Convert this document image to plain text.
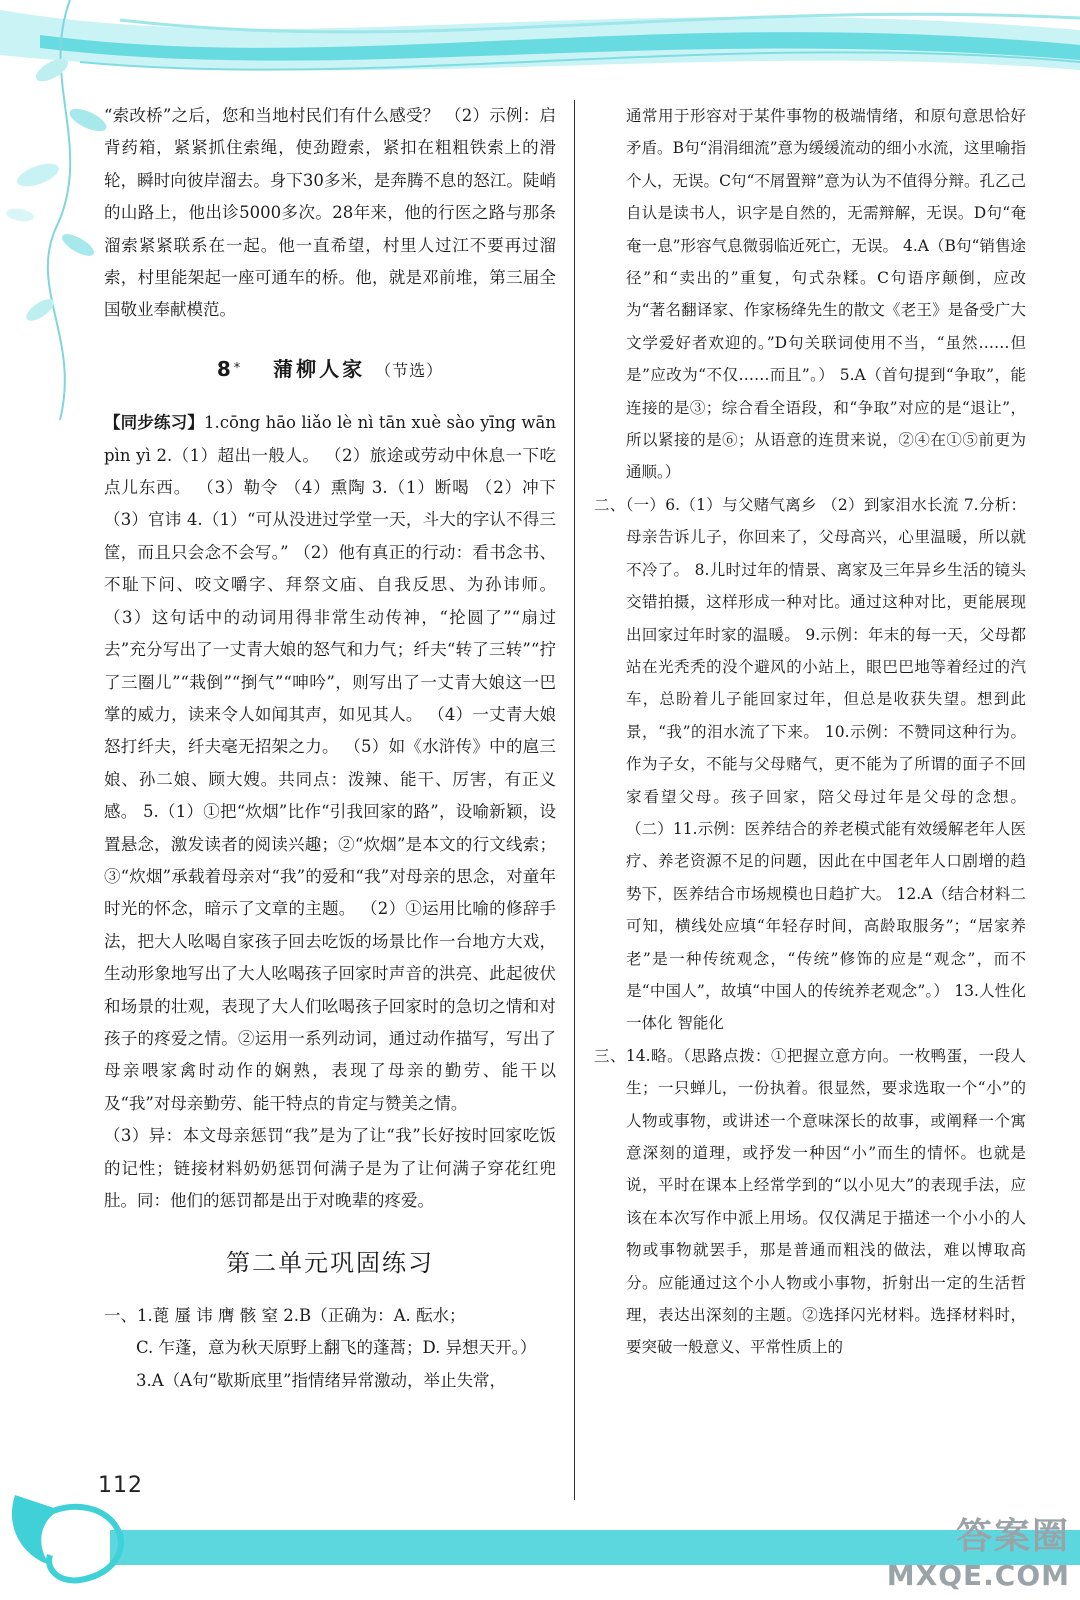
“索改桥”之后，您和当地村民们有什么感受？ （2）示例：启背药箱，紧紧抓住索绳，使劲蹬索，紧扣在粗粗铁索上的滑轮，瞬时向彼岸溜去。身下30多米，是奔腾不息的怒江。陡峭的山路上，他出诊5000多次。28年来，他的行医之路与那条溜索紧紧联系在一起。他一直希望，村里人过江不要再过溜索，村里能架起一座可通车的桥。他，就是邓前堆，第三届全国敬业奉献模范。

8* 蒲柳人家 （节选）

【同步练习】1.cōng hāo liǎo lè nì tān xuè sào yīng wān pìn yì 2.（1）超出一般人。 （2）旅途或劳动中休息一下吃点儿东西。 （3）勒令 （4）熏陶 3.（1）断喝 （2）冲下 （3）官讳 4.（1）“可从没进过学堂一天，斗大的字认不得三筐，而且只会念不会写。” （2）他有真正的行动：看书念书、不耻下问、咬文嚼字、拜祭文庙、自我反思、为孙讳师。 （3）这句话中的动词用得非常生动传神，“抡圆了”“扇过去”充分写出了一丈青大娘的怒气和力气；纤夫“转了三转”“拧了三圈儿”“栽倒”“捯气”“呻吟”，则写出了一丈青大娘这一巴掌的威力，读来令人如闻其声，如见其人。 （4）一丈青大娘怒打纤夫，纤夫毫无招架之力。 （5）如《水浒传》中的扈三娘、孙二娘、顾大嫂。共同点：泼辣、能干、厉害，有正义感。 5.（1）①把“炊烟”比作“引我回家的路”，设喻新颖，设置悬念，激发读者的阅读兴趣；②“炊烟”是本文的行文线索；③“炊烟”承载着母亲对“我”的爱和“我”对母亲的思念，对童年时光的怀念，暗示了文章的主题。 （2）①运用比喻的修辞手法，把大人吆喝自家孩子回去吃饭的场景比作一台地方大戏，生动形象地写出了大人吆喝孩子回家时声音的洪亮、此起彼伏和场景的壮观，表现了大人们吆喝孩子回家时的急切之情和对孩子的疼爱之情。②运用一系列动词，通过动作描写，写出了母亲喂家禽时动作的娴熟，表现了母亲的勤劳、能干以及“我”对母亲勤劳、能干特点的肯定与赞美之情。

（3）异：本文母亲惩罚“我”是为了让“我”长好按时回家吃饭的记性；链接材料奶奶惩罚何满子是为了让何满子穿花红兜肚。同：他们的惩罚都是出于对晚辈的疼爱。

第二单元巩固练习

一、1.蓖 蜃 讳 膺 骸 窒 2.B（正确为：A. 酝水；

C. 乍蓬，意为秋天原野上翻飞的蓬蒿；D. 异想天开。）

3.A（A句“歇斯底里”指情绪异常激动，举止失常，

通常用于形容对于某件事物的极端情绪，和原句意思恰好矛盾。B句“涓涓细流”意为缓缓流动的细小水流，这里喻指个人，无误。C句“不屑置辩”意为认为不值得分辩。孔乙己自认是读书人，识字是自然的，无需辩解，无误。D句“奄奄一息”形容气息微弱临近死亡，无误。 4.A（B句“销售途径”和“卖出的”重复，句式杂糅。C句语序颠倒，应改为“著名翻译家、作家杨绛先生的散文《老王》是备受广大文学爱好者欢迎的。”D句关联词使用不当，“虽然……但是”应改为“不仅……而且”。） 5.A（首句提到“争取”，能连接的是③；综合看全语段，和“争取”对应的是“退让”，所以紧接的是⑥；从语意的连贯来说，②④在①⑤前更为通顺。）

二、（一）6.（1）与父赌气离乡 （2）到家泪水长流 7.分析：母亲告诉儿子，你回来了，父母高兴，心里温暖，所以就不冷了。 8.儿时过年的情景、离家及三年异乡生活的镜头交错拍摄，这样形成一种对比。通过这种对比，更能展现出回家过年时家的温暖。 9.示例：年末的每一天，父母都站在光秃秃的没个避风的小站上，眼巴巴地等着经过的汽车，总盼着儿子能回家过年，但总是收获失望。想到此景，“我”的泪水流了下来。 10.示例：不赞同这种行为。作为子女，不能与父母赌气，更不能为了所谓的面子不回家看望父母。孩子回家，陪父母过年是父母的念想。 （二）11.示例：医养结合的养老模式能有效缓解老年人医疗、养老资源不足的问题，因此在中国老年人口剧增的趋势下，医养结合市场规模也日趋扩大。 12.A（结合材料二可知，横线处应填“年轻存时间，高龄取服务”；“居家养老”是一种传统观念，“传统”修饰的应是“观念”，而不是“中国人”，故填“中国人的传统养老观念”。） 13.人性化 一体化 智能化

三、14.略。（思路点拨：①把握立意方向。一枚鸭蛋，一段人生；一只蝉儿，一份执着。很显然，要求选取一个“小”的人物或事物，或讲述一个意味深长的故事，或阐释一个寓意深刻的道理，或抒发一种因“小”而生的情怀。也就是说，平时在课本上经常学到的“以小见大”的表现手法，应该在本次写作中派上用场。仅仅满足于描述一个小小的人物或事物就罢手，那是普通而粗浅的做法，难以博取高分。应能通过这个小人物或小事物，折射出一定的生活哲理，表达出深刻的主题。②选择闪光材料。选择材料时，要突破一般意义、平常性质上的

112
答案圈
MXQE.COM
